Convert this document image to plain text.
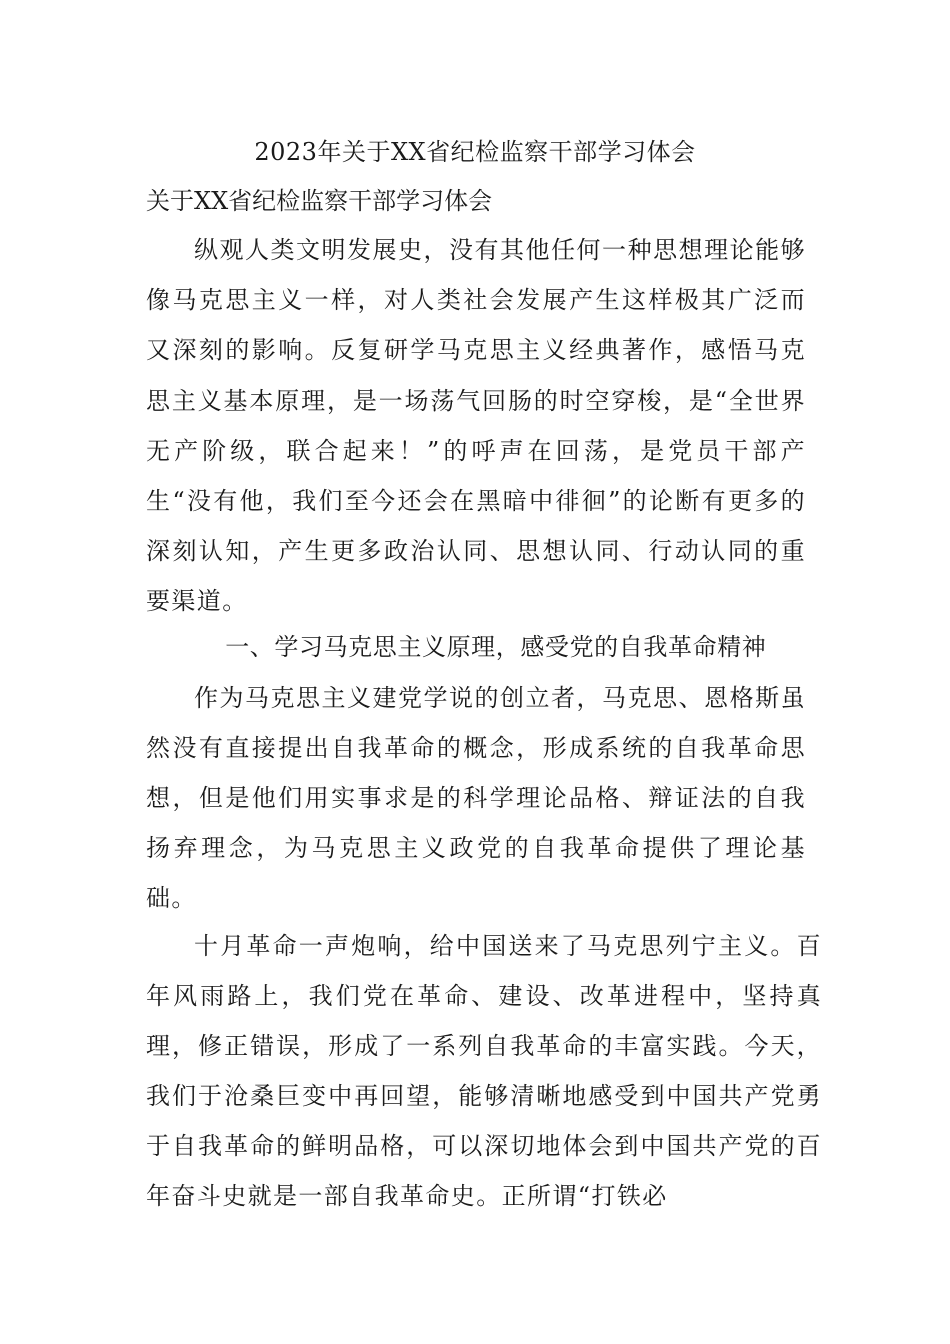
2023年关于XX省纪检监察干部学习体会
关于XX省纪检监察干部学习体会

纵观人类文明发展史，没有其他任何一种思想理论能够像马克思主义一样，对人类社会发展产生这样极其广泛而又深刻的影响。反复研学马克思主义经典著作，感悟马克思主义基本原理，是一场荡气回肠的时空穿梭，是“全世界无产阶级，联合起来！”的呼声在回荡，是党员干部产生“没有他，我们至今还会在黑暗中徘徊”的论断有更多的深刻认知，产生更多政治认同、思想认同、行动认同的重要渠道。

一、学习马克思主义原理，感受党的自我革命精神

作为马克思主义建党学说的创立者，马克思、恩格斯虽然没有直接提出自我革命的概念，形成系统的自我革命思想，但是他们用实事求是的科学理论品格、辩证法的自我扬弃理念，为马克思主义政党的自我革命提供了理论基础。

十月革命一声炮响，给中国送来了马克思列宁主义。百年风雨路上，我们党在革命、建设、改革进程中，坚持真理，修正错误，形成了一系列自我革命的丰富实践。今天，我们于沧桑巨变中再回望，能够清晰地感受到中国共产党勇于自我革命的鲜明品格，可以深切地体会到中国共产党的百年奋斗史就是一部自我革命史。正所谓“打铁必
